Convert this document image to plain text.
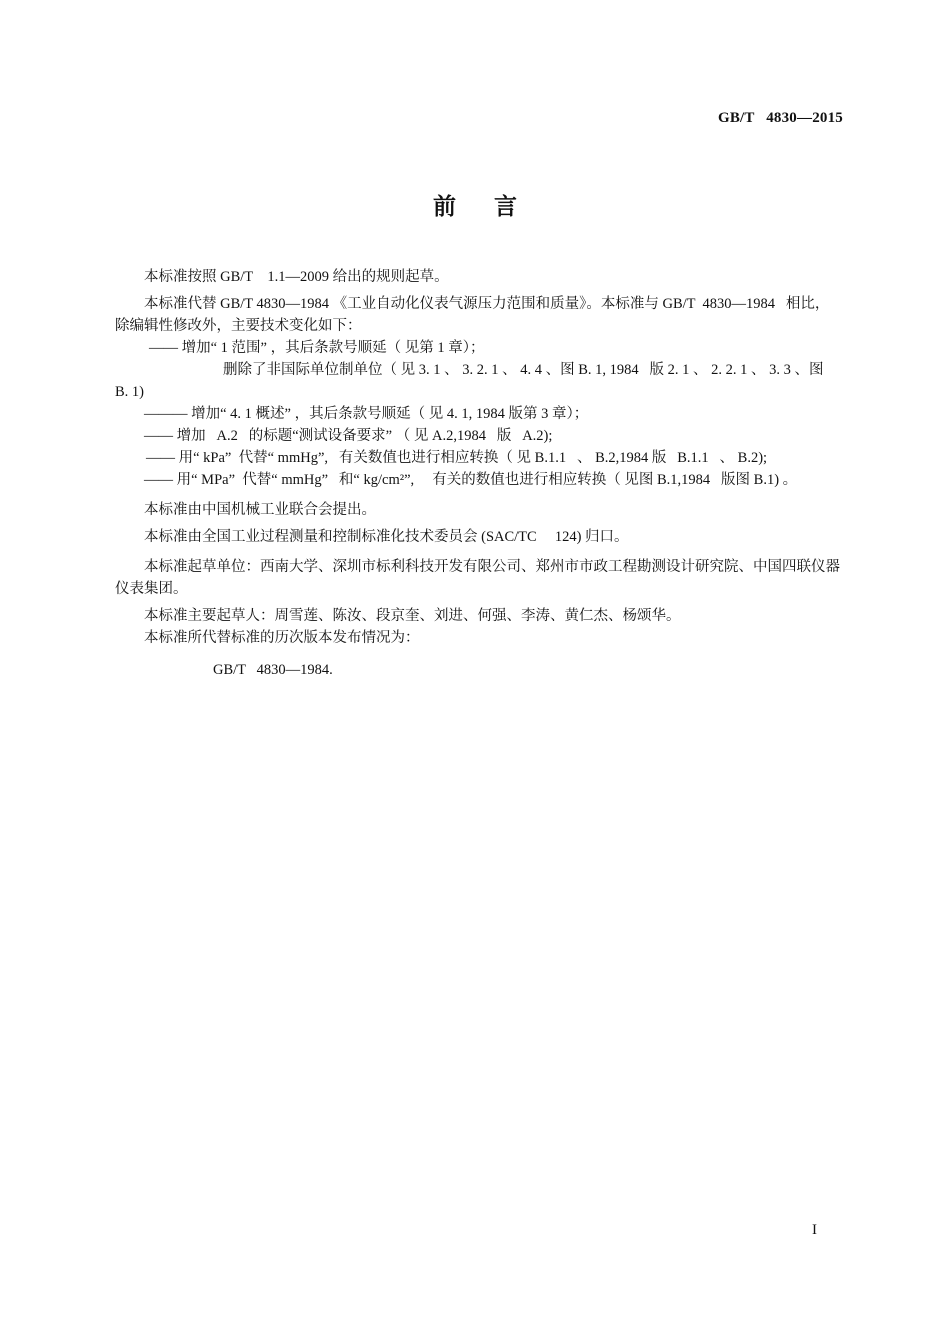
GB/T   4830—2015
前言

本标准按照 GB/T    1.1—2009 给出的规则起草。

本标准代替 GB/T 4830—1984 《工业自动化仪表气源压力范围和质量》。本标准与 GB/T  4830—1984   相比，除编辑性修改外，主要技术变化如下：

—— 增加“ 1 范围” ，其后条款号顺延（ 见第 1 章）；

删除了非国际单位制单位（ 见 3. 1 、 3. 2. 1 、 4. 4 、图 B. 1, 1984   版 2. 1 、 2. 2. 1 、 3. 3 、图 B. 1)

——— 增加“ 4. 1 概述” ，其后条款号顺延（ 见 4. 1, 1984 版第 3 章）；

—— 增加   A.2   的标题“测试设备要求” （ 见 A.2,1984   版   A.2);

—— 用“ kPa”  代替“ mmHg”,   有关数值也进行相应转换（ 见 B.1.1   、 B.2,1984 版   B.1.1   、 B.2);

—— 用“ MPa”  代替“ mmHg”   和“ kg/cm²”,     有关的数值也进行相应转换（ 见图 B.1,1984   版图 B.1) 。

本标准由中国机械工业联合会提出。

本标准由全国工业过程测量和控制标准化技术委员会 (SAC/TC     124) 归口。

本标准起草单位：西南大学、深圳市标利科技开发有限公司、郑州市市政工程勘测设计研究院、中国四联仪器仪表集团。

本标准主要起草人：周雪莲、陈汝、段京奎、刘进、何强、李涛、黄仁杰、杨颂华。

本标准所代替标准的历次版本发布情况为：

GB/T   4830—1984.

I
